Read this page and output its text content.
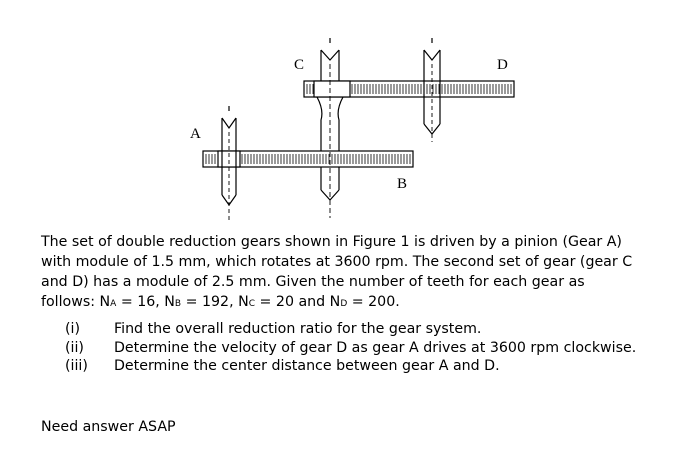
A
B
C	D
The set of double reduction gears shown in Figure 1 is driven by a pinion (Gear A)
with module of 1.5 mm, which rotates at 3600 rpm. The second set of gear (gear C
and D) has a module of 2.5 mm. Given the number of teeth for each gear as
follows: NA = 16, NB = 192, NC = 20 and ND = 200.
(i) Find the overall reduction ratio for the gear system.
(ii) Determine the velocity of gear D as gear A drives at 3600 rpm clockwise.
(iii) Determine the center distance between gear A and D.
Need answer ASAP
